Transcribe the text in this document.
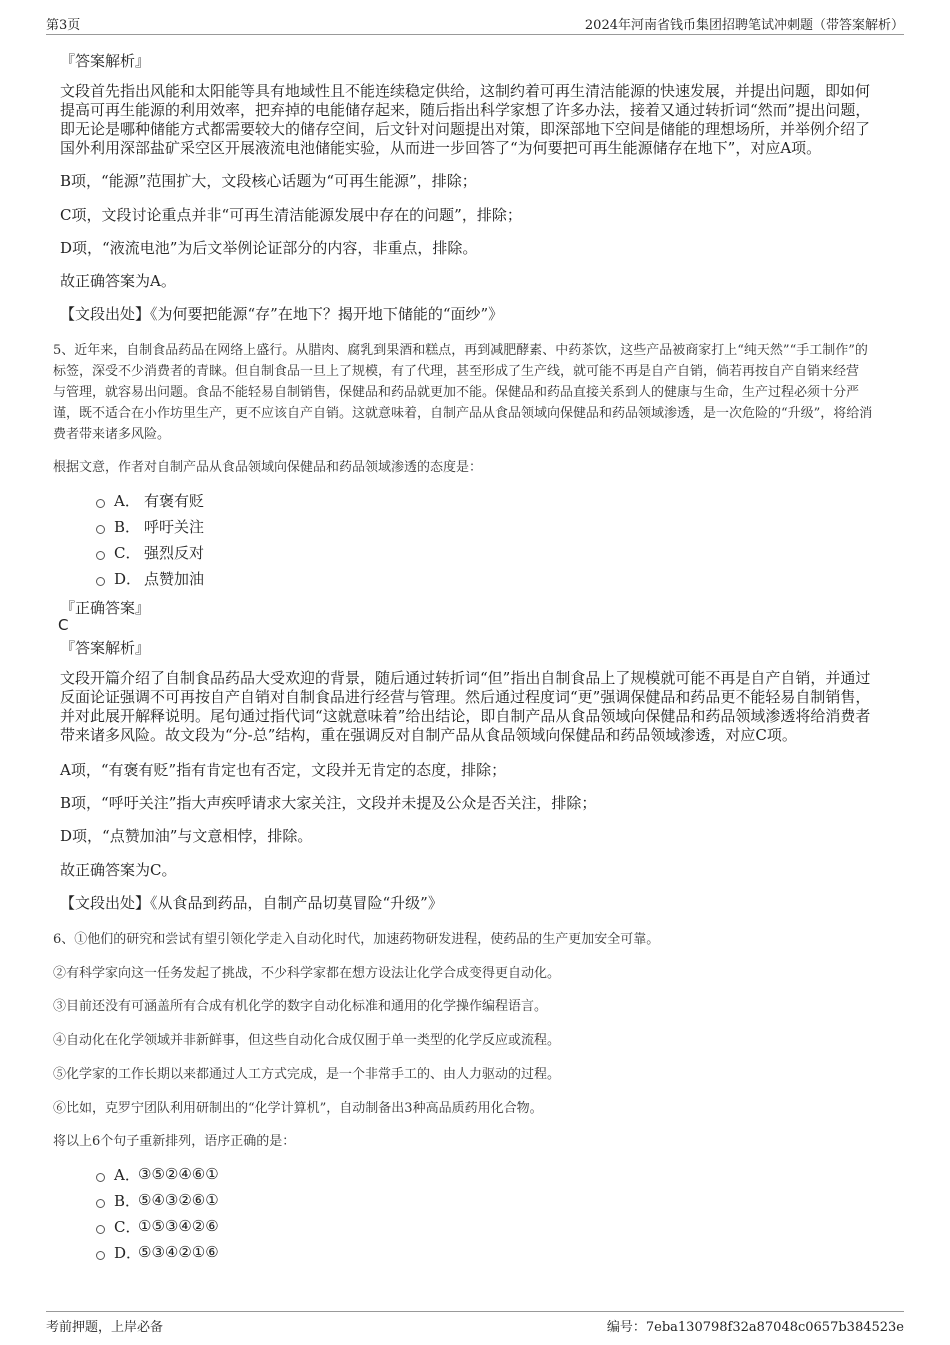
第3页	2024年河南省钱币集团招聘笔试冲刺题（带答案解析）
『答案解析』
文段首先指出风能和太阳能等具有地域性且不能连续稳定供给，这制约着可再生清洁能源的快速发展，并提出问题，即如何
提高可再生能源的利用效率，把弃掉的电能储存起来，随后指出科学家想了许多办法，接着又通过转折词“然而”提出问题，
即无论是哪种储能方式都需要较大的储存空间，后文针对问题提出对策，即深部地下空间是储能的理想场所，并举例介绍了
国外利用深部盐矿采空区开展液流电池储能实验，从而进一步回答了“为何要把可再生能源储存在地下”，对应A项。
B项，“能源”范围扩大，文段核心话题为“可再生能源”，排除；
C项，文段讨论重点并非“可再生清洁能源发展中存在的问题”，排除；
D项，“液流电池”为后文举例论证部分的内容，非重点，排除。
故正确答案为A。
【文段出处】《为何要把能源“存”在地下？揭开地下储能的“面纱”》
5、近年来，自制食品药品在网络上盛行。从腊肉、腐乳到果酒和糕点，再到减肥酵素、中药茶饮，这些产品被商家打上“纯天然”“手工制作”的
标签，深受不少消费者的青睐。但自制食品一旦上了规模，有了代理，甚至形成了生产线，就可能不再是自产自销，倘若再按自产自销来经营
与管理，就容易出问题。食品不能轻易自制销售，保健品和药品就更加不能。保健品和药品直接关系到人的健康与生命，生产过程必须十分严
谨，既不适合在小作坊里生产，更不应该自产自销。这就意味着，自制产品从食品领域向保健品和药品领域渗透，是一次危险的“升级”，将给消
费者带来诸多风险。
根据文意，作者对自制产品从食品领域向保健品和药品领域渗透的态度是：
A． 有褒有贬
B． 呼吁关注
C． 强烈反对
D． 点赞加油
『正确答案』
C
『答案解析』
文段开篇介绍了自制食品药品大受欢迎的背景，随后通过转折词“但”指出自制食品上了规模就可能不再是自产自销，并通过
反面论证强调不可再按自产自销对自制食品进行经营与管理。然后通过程度词“更”强调保健品和药品更不能轻易自制销售，
并对此展开解释说明。尾句通过指代词“这就意味着”给出结论，即自制产品从食品领域向保健品和药品领域渗透将给消费者
带来诸多风险。故文段为“分-总”结构，重在强调反对自制产品从食品领域向保健品和药品领域渗透，对应C项。
A项，“有褒有贬”指有肯定也有否定，文段并无肯定的态度，排除；
B项，“呼吁关注”指大声疾呼请求大家关注，文段并未提及公众是否关注，排除；
D项，“点赞加油”与文意相悖，排除。
故正确答案为C。
【文段出处】《从食品到药品，自制产品切莫冒险“升级”》
6、①他们的研究和尝试有望引领化学走入自动化时代，加速药物研发进程，使药品的生产更加安全可靠。
②有科学家向这一任务发起了挑战，不少科学家都在想方设法让化学合成变得更自动化。
③目前还没有可涵盖所有合成有机化学的数字自动化标准和通用的化学操作编程语言。
④自动化在化学领域并非新鲜事，但这些自动化合成仅囿于单一类型的化学反应或流程。
⑤化学家的工作长期以来都通过人工方式完成，是一个非常手工的、由人力驱动的过程。
⑥比如，克罗宁团队利用研制出的“化学计算机”，自动制备出3种高品质药用化合物。
将以上6个句子重新排列，语序正确的是：
A．
③⑤②④⑥①
B．
⑤④③②⑥①
C．
①⑤③④②⑥
D．
⑤③④②①⑥
考前押题，上岸必备	编号：7eba130798f32a87048c0657b384523e
